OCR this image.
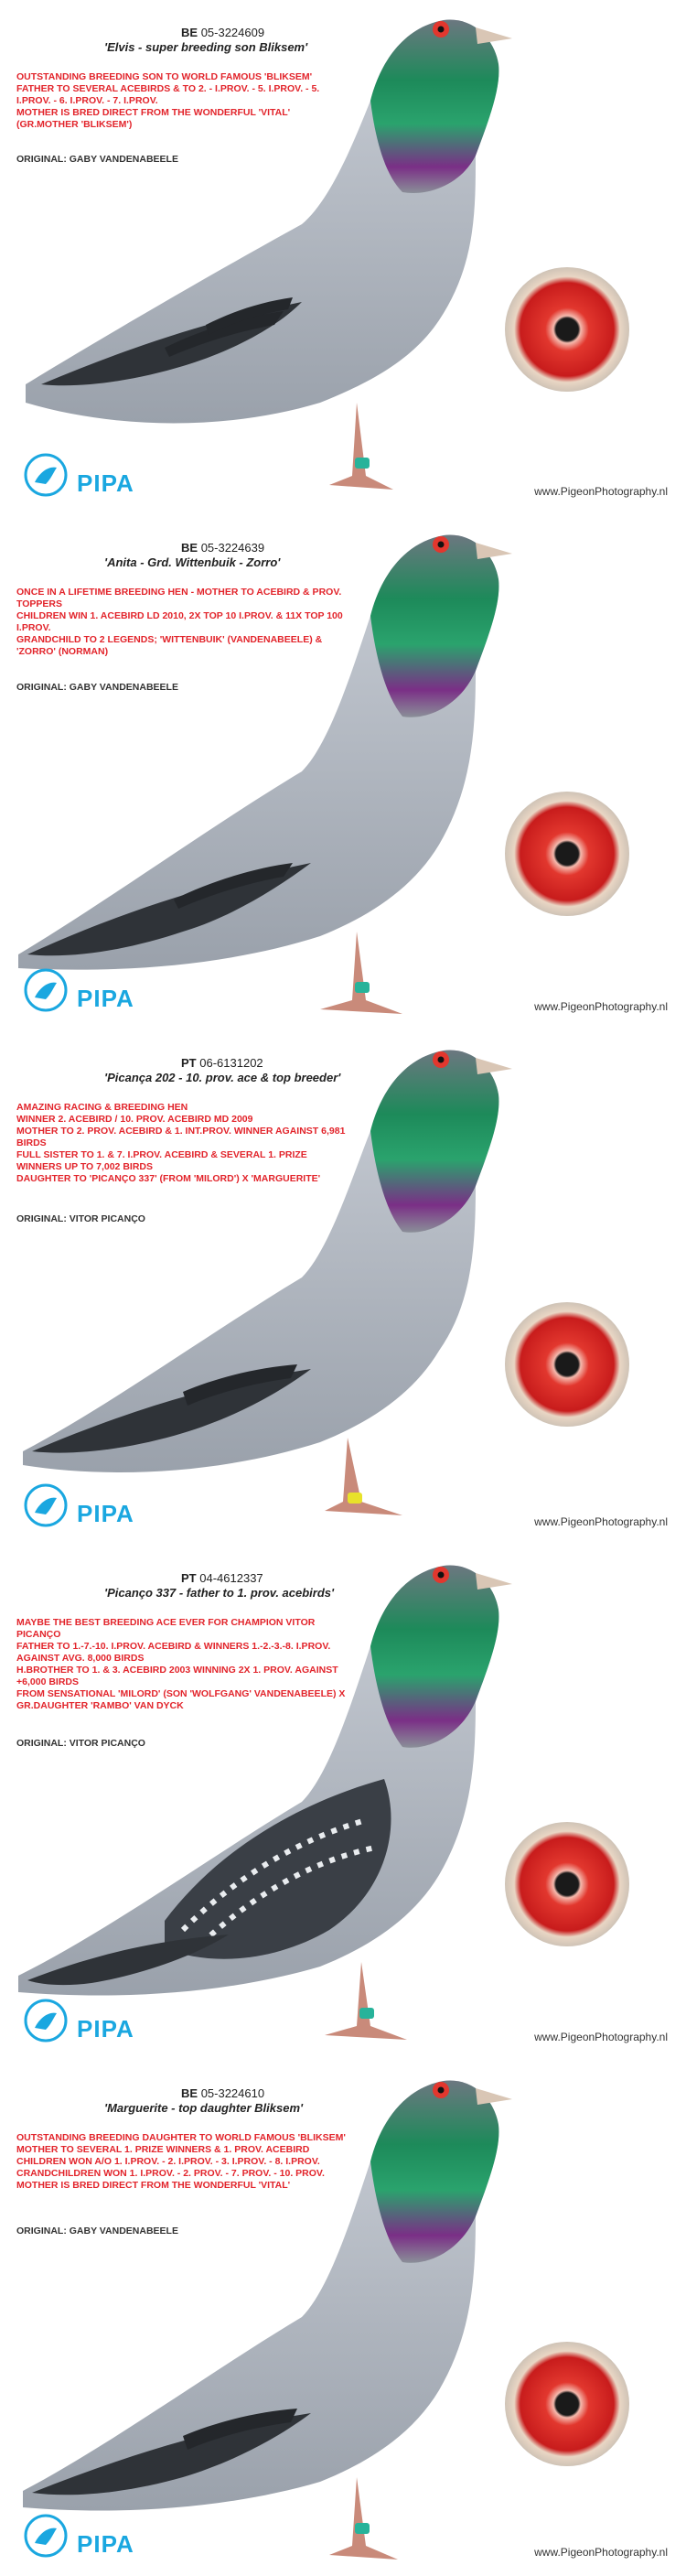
BE 05-3224609
'Elvis - super breeding son Bliksem'
OUTSTANDING BREEDING SON TO WORLD FAMOUS 'BLIKSEM'
FATHER TO SEVERAL ACEBIRDS & TO 2. - I.PROV. - 5. I.PROV. - 5. I.PROV. - 6. I.PROV. - 7. I.PROV.
MOTHER IS BRED DIRECT FROM THE WONDERFUL 'VITAL' (GR.MOTHER 'BLIKSEM')
ORIGINAL: GABY VANDENABEELE
PIPA	www.PigeonPhotography.nl
BE 05-3224639
'Anita - Grd. Wittenbuik - Zorro'
ONCE IN A LIFETIME BREEDING HEN - MOTHER TO ACEBIRD & PROV. TOPPERS
CHILDREN WIN 1. ACEBIRD LD 2010, 2X TOP 10 I.PROV. & 11X TOP 100 I.PROV.
GRANDCHILD TO 2 LEGENDS; 'WITTENBUIK' (VANDENABEELE) & 'ZORRO' (NORMAN)
ORIGINAL: GABY VANDENABEELE
PIPA	www.PigeonPhotography.nl
PT 06-6131202
'Picança 202 - 10. prov. ace & top breeder'
AMAZING RACING & BREEDING HEN
WINNER 2. ACEBIRD / 10. PROV. ACEBIRD MD 2009
MOTHER TO 2. PROV. ACEBIRD & 1. INT.PROV. WINNER AGAINST 6,981 BIRDS
FULL SISTER TO 1. & 7. I.PROV. ACEBIRD & SEVERAL 1. PRIZE WINNERS UP TO 7,002 BIRDS
DAUGHTER TO 'PICANÇO 337' (FROM 'MILORD') X 'MARGUERITE'
ORIGINAL: VITOR PICANÇO
PIPA	www.PigeonPhotography.nl
PT 04-4612337
'Picanço 337 - father to 1. prov. acebirds'
MAYBE THE BEST BREEDING ACE EVER FOR CHAMPION VITOR PICANÇO
FATHER TO 1.-7.-10. I.PROV. ACEBIRD & WINNERS 1.-2.-3.-8. I.PROV. AGAINST AVG. 8,000 BIRDS
H.BROTHER TO 1. & 3. ACEBIRD 2003 WINNING 2X 1. PROV. AGAINST +6,000 BIRDS
FROM SENSATIONAL 'MILORD' (SON 'WOLFGANG' VANDENABEELE) X GR.DAUGHTER 'RAMBO' VAN DYCK
ORIGINAL: VITOR PICANÇO
PIPA	www.PigeonPhotography.nl
BE 05-3224610
'Marguerite - top daughter Bliksem'
OUTSTANDING BREEDING DAUGHTER TO WORLD FAMOUS 'BLIKSEM'
MOTHER TO SEVERAL 1. PRIZE WINNERS & 1. PROV. ACEBIRD
CHILDREN WON A/O 1. I.PROV. - 2. I.PROV. - 3. I.PROV. - 8. I.PROV.
CRANDCHILDREN WON 1. I.PROV. - 2. PROV. - 7. PROV. - 10. PROV.
MOTHER IS BRED DIRECT FROM THE WONDERFUL 'VITAL'
ORIGINAL: GABY VANDENABEELE
PIPA	www.PigeonPhotography.nl
